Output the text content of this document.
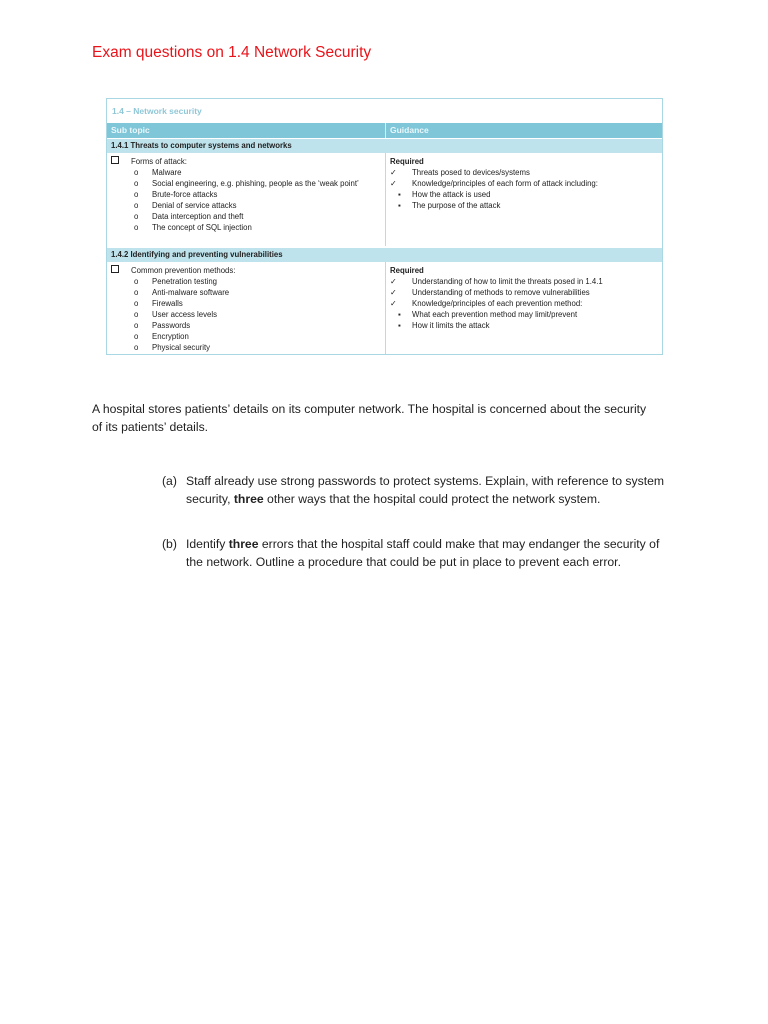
Exam questions on 1.4 Network Security
1.4 – Network security
Sub topic	Guidance
1.4.1 Threats to computer systems and networks
Forms of attack:
o Malware
o Social engineering, e.g. phishing, people as the ‘weak point’
o Brute-force attacks
o Denial of service attacks
o Data interception and theft
o The concept of SQL injection
Required
✓ Threats posed to devices/systems
✓ Knowledge/principles of each form of attack including:
▪ How the attack is used
▪ The purpose of the attack
1.4.2 Identifying and preventing vulnerabilities
Common prevention methods:
o Penetration testing
o Anti-malware software
o Firewalls
o User access levels
o Passwords
o Encryption
o Physical security
Required
✓ Understanding of how to limit the threats posed in 1.4.1
✓ Understanding of methods to remove vulnerabilities
✓ Knowledge/principles of each prevention method:
▪ What each prevention method may limit/prevent
▪ How it limits the attack
A hospital stores patients’ details on its computer network. The hospital is concerned about the security of its patients’ details.
(a) Staff already use strong passwords to protect systems. Explain, with reference to system security, three other ways that the hospital could protect the network system.
(b) Identify three errors that the hospital staff could make that may endanger the security of the network. Outline a procedure that could be put in place to prevent each error.
